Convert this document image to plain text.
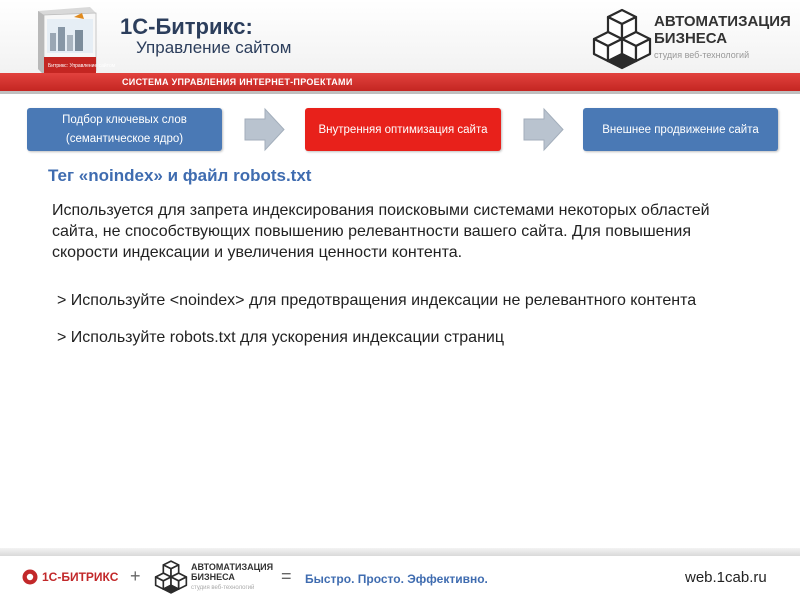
Битрикс: Управление сайтом
1С-Битрикс:
Управление сайтом
АВТОМАТИЗАЦИЯ БИЗНЕСА
студия веб-технологий
СИСТЕМА УПРАВЛЕНИЯ ИНТЕРНЕТ-ПРОЕКТАМИ
Подбор ключевых слов
(семантическое ядро)
Внутренняя оптимизация сайта	Внешнее продвижение сайта
Тег «noindex» и файл robots.txt
Используется для запрета индексирования поисковыми системами некоторых областей
сайта, не способствующих повышению релевантности вашего сайта. Для повышения
скорости индексации и увеличения ценности контента.
> Используйте <noindex> для предотвращения индексации не релевантного контента
> Используйте robots.txt для ускорения индексации страниц
1С-БИТРИКС +	АВТОМАТИЗАЦИЯ БИЗНЕСА
студия веб-технологий
= Быстро. Просто. Эффективно.	web.1cab.ru
